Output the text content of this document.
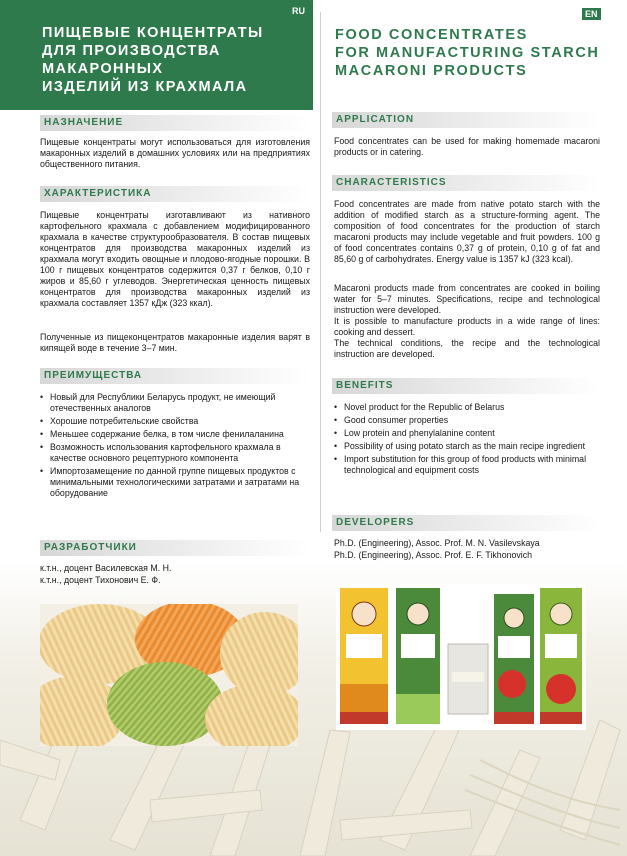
RU
ПИЩЕВЫЕ КОНЦЕНТРАТЫ
ДЛЯ ПРОИЗВОДСТВА
МАКАРОННЫХ
ИЗДЕЛИЙ ИЗ КРАХМАЛА
НАЗНАЧЕНИЕ
Пищевые концентраты могут использоваться для изготовления макаронных изделий в домашних условиях или на предприятиях общественного питания.
ХАРАКТЕРИСТИКА
Пищевые концентраты изготавливают из нативного картофельного крахмала с добавлением модифицированного крахмала в качестве структурообразователя. В состав пищевых концентратов для производства макаронных изделий из крахмала могут входить овощные и плодово-ягодные порошки. В 100 г пищевых концентратов содержится 0,37 г белков, 0,10 г жиров и 85,60 г углеводов. Энергетическая ценность пищевых концентратов для производства макаронных изделий из крахмала составляет 1357 кДж (323 ккал).
Полученные из пищеконцентратов макаронные изделия варят в кипящей воде в течение 3–7 мин.
ПРЕИМУЩЕСТВА
• Новый для Республики Беларусь продукт, не имеющий отечественных аналогов
• Хорошие потребительские свойства
• Меньшее содержание белка, в том числе фенилаланина
• Возможность использования картофельного крахмала в качестве основного рецептурного компонента
• Импортозамещение по данной группе пищевых продуктов с минимальными технологическими затратами и затратами на оборудование
РАЗРАБОТЧИКИ
к.т.н., доцент Василевская М. Н.
к.т.н., доцент Тихонович Е. Ф.
EN
FOOD CONCENTRATES
FOR MANUFACTURING STARCH
MACARONI PRODUCTS
APPLICATION
Food concentrates can be used for making homemade macaroni products or in catering.
CHARACTERISTICS
Food concentrates are made from native potato starch with the addition of modified starch as a structure-forming agent. The composition of food concentrates for the production of starch macaroni products may include vegetable and fruit powders. 100 g of food concentrates contains 0,37 g of protein, 0,10 g of fat and 85,60 g of carbohydrates. Energy value is 1357 kJ (323 kcal).
Macaroni products made from concentrates are cooked in boiling water for 5–7 minutes. Specifications, recipe and technological instruction were developed.
It is possible to manufacture products in a wide range of lines: cooking and dessert.
The technical conditions, the recipe and the technological instruction are developed.
BENEFITS
• Novel product for the Republic of Belarus
• Good consumer properties
• Low protein and phenylalanine content
• Possibility of using potato starch as the main recipe ingredient
• Import substitution for this group of food products with minimal technological and equipment costs
DEVELOPERS
Ph.D. (Engineering), Assoc. Prof. M. N. Vasilevskaya
Ph.D. (Engineering), Assoc. Prof. E. F. Tikhonovich
